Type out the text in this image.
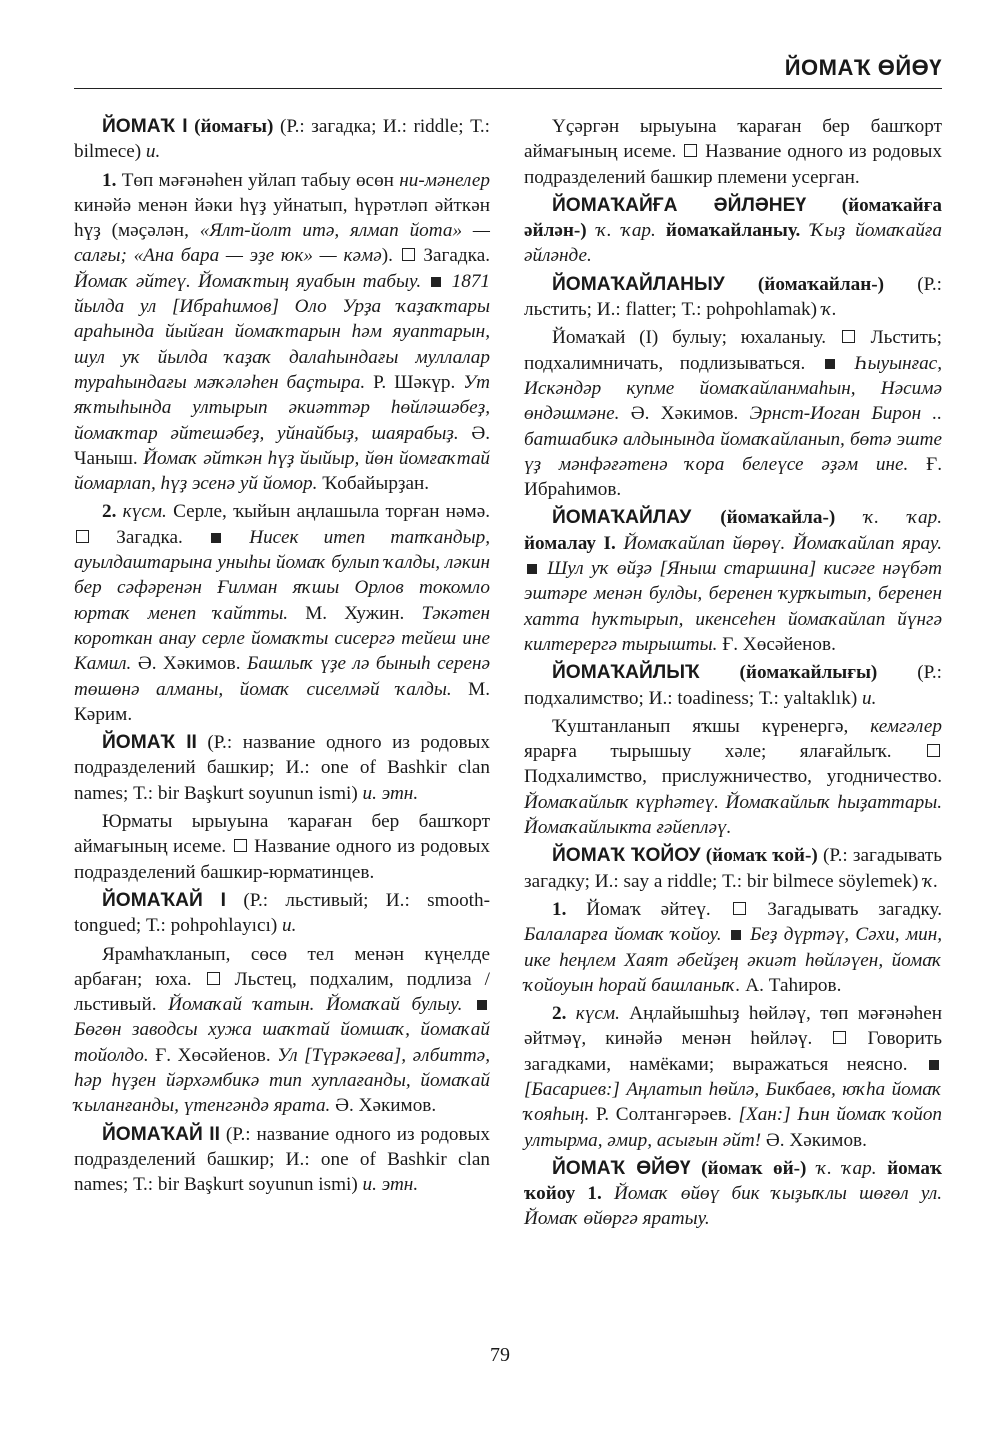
ЙОМАҠ ӨЙӨҮ

ЙОМАҠ I (йомағы) (Р.: загадка; И.: riddle; Т.: bilmece) и.

1. Төп мәғәнәһен уйлап табыу өсөн ни-мәнелер кинәйә менән йәки һүҙ уйнатып, һүрәтләп әйткән һүҙ (мәҫәлән, «Ялт-йолт итә, ялмап йота» — салғы; «Ана бара — эҙе юк» — кәмә). Загадка. Йомаҡ әйтеү. Йомаҡтың яуабын табыу. 1871 йылда ул [Ибраһимов] Оло Урҙа ҡаҙаҡтары араһында йыйған йомаҡтарын һәм яуаптарын, шул уҡ йылда ҡаҙаҡ далаһындағы муллалар тураһындағы мәҡәләһен баҫтыра. Р. Шәкүр. Ут яҡтыһында ултырып әкиәттәр һөйләшәбеҙ, йомаҡтар әйтешәбеҙ, уйнайбыҙ, шаярабыҙ. Ә. Чаныш. Йомаҡ әйткән һүҙ йыйыр, йөн йомғаҡтай йомарлап, һүҙ эсенә уй йомор. Ҡобайырҙан.

2. күсм. Серле, ҡыйын аңлашыла торған нәмә.  Загадка.	Нисек итеп тапҡандыр, ауылдаштарына уныһы йомаҡ булып ҡалды, ләкин бер сәфәренән Ғилман яҡшы Орлов токомло юртаҡ менеп ҡайтты. М. Хужин. Тәкәтен короткан анау серле йомаҡты сисергә тейеш ине Камил. Ә. Хәкимов. Башлыҡ үҙе лә быныһ серенә төшөнә алманы, йомаҡ сиселмәй ҡалды. М. Кәрим.

ЙОМАҠ II (Р.: название одного из родовых подразделений башкир; И.: one of Bashkir clan names; Т.: bir Başkurt soyunun ismi) и. этн.

Юрматы ырыуына ҡараған бер башҡорт аймағының исеме. Название одного из родовых подразделений башкир-юрматинцев.

ЙОМАҠАЙ I (Р.: льстивый; И.: smooth-tongued; Т.: pohpohlayıcı) и.

Ярамһаҡланып, сөсө тел менән күңелде арбаған; юха. Льстец, подхалим, подлиза / льстивый. Йомаҡай ҡатын. Йомаҡай булыу.  Бөгөн заводсы хужа шаҡтай йомшаҡ, йомаҡай тойолдо. Ғ. Хөсәйенов. Ул [Түрәкәева], әлбиттә, һәр һүҙен йәрхәмбикә тип хуплағанды, йомаҡай ҡыланғанды, үтенгәндә ярата. Ә. Хәкимов.

ЙОМАҠАЙ II (Р.: название одного из родовых подразделений башкир; И.: one of Bashkir clan names; Т.: bir Başkurt soyunun ismi) и. этн.

Үҫәргән ырыуына ҡараған бер башҡорт аймағының исеме. Название одного из родовых подразделений башкир племени усерган.

ЙОМАҠАЙҒА ӘЙЛӘНЕҮ (йомаҡайға әйлән-) ҡ. ҡар. йомаҡайланыу. Ҡыҙ йомаҡайға әйләнде.

ЙОМАҠАЙЛАНЫУ (йомаҡайлан-) (Р.: льстить; И.: flatter; Т.: pohpohlamak) ҡ.

Йомаҡай (I) булыу; юхаланыу. Льстить; подхалимничать, подлизываться.	Һыуынғас, Искәндәр купме йомаҡайланмаһын, Нәсимә өндәшмәне. Ә. Хәкимов. Эрнст-Иоган Бирон .. батшабикә алдынында йомаҡайланып, бөтә эште үҙ мәнфәғәтенә ҡора белеүсе әҙәм ине. Ғ. Ибраһимов.

ЙОМАҠАЙЛАУ (йомаҡайла-) ҡ. ҡар. йомалау I. Йомаҡайлап йөрөү. Йомаҡайлап ярау.  Шул уҡ өйҙә [Яныш старшина] кисәге нәүбәт эштәре менән булды, беренен ҡурҡытып, беренен хатта һуҡтырып, икенсеһен йомаҡайлап йүнгә килтерергә тырышты. Ғ. Хөсәйенов.

ЙОМАҠАЙЛЫҠ (йомаҡайлығы) (Р.: подхалимство; И.: toadiness; Т.: yaltaklık) и.

Ҡуштанланып яҡшы күренергә, кемгәлер ярарға тырышыу хәле; ялағайлыҡ.  Подхалимство, прислужничество, угодничество. Йомаҡайлыҡ күрһәтеү. Йомаҡайлыҡ һыҙаттары. Йомаҡайлыкта ғәйепләү.

ЙОМАҠ ҠОЙОУ (йомаҡ ҡой-) (Р.: загадывать загадку; И.: say a riddle; Т.: bir bilmece söylemek) ҡ.

1. Йомаҡ әйтеү.	Загадывать загадку. Балаларға йомаҡ ҡойоу. Беҙ дүртәү, Сәхи, мин, ике һеңлем Хаят әбейҙең әкиәт һөйләүен, йомаҡ ҡойоуын һорай башланыҡ. А. Таһиров.

2. күсм. Аңлайышһыҙ һөйләү, төп мәғәнәһен әйтмәү, кинәйә менән һөйләү.	Говорить загадками, намёками; выражаться неясно.  [Басариев:] Аңлатып һөйлә, Бикбаев, юҡһа йомаҡ ҡояһың. Р. Солтангәрәев. [Хан:] Һин йомаҡ ҡойоп ултырма, әмир, асығын әйт! Ә. Хәкимов.

ЙОМАҠ ӨЙӨҮ (йомаҡ өй-) ҡ. ҡар. йомаҡ ҡойоу 1. Йомаҡ өйөү бик ҡыҙыҡлы шөғөл ул. Йомаҡ өйөргә яратыу.

79
